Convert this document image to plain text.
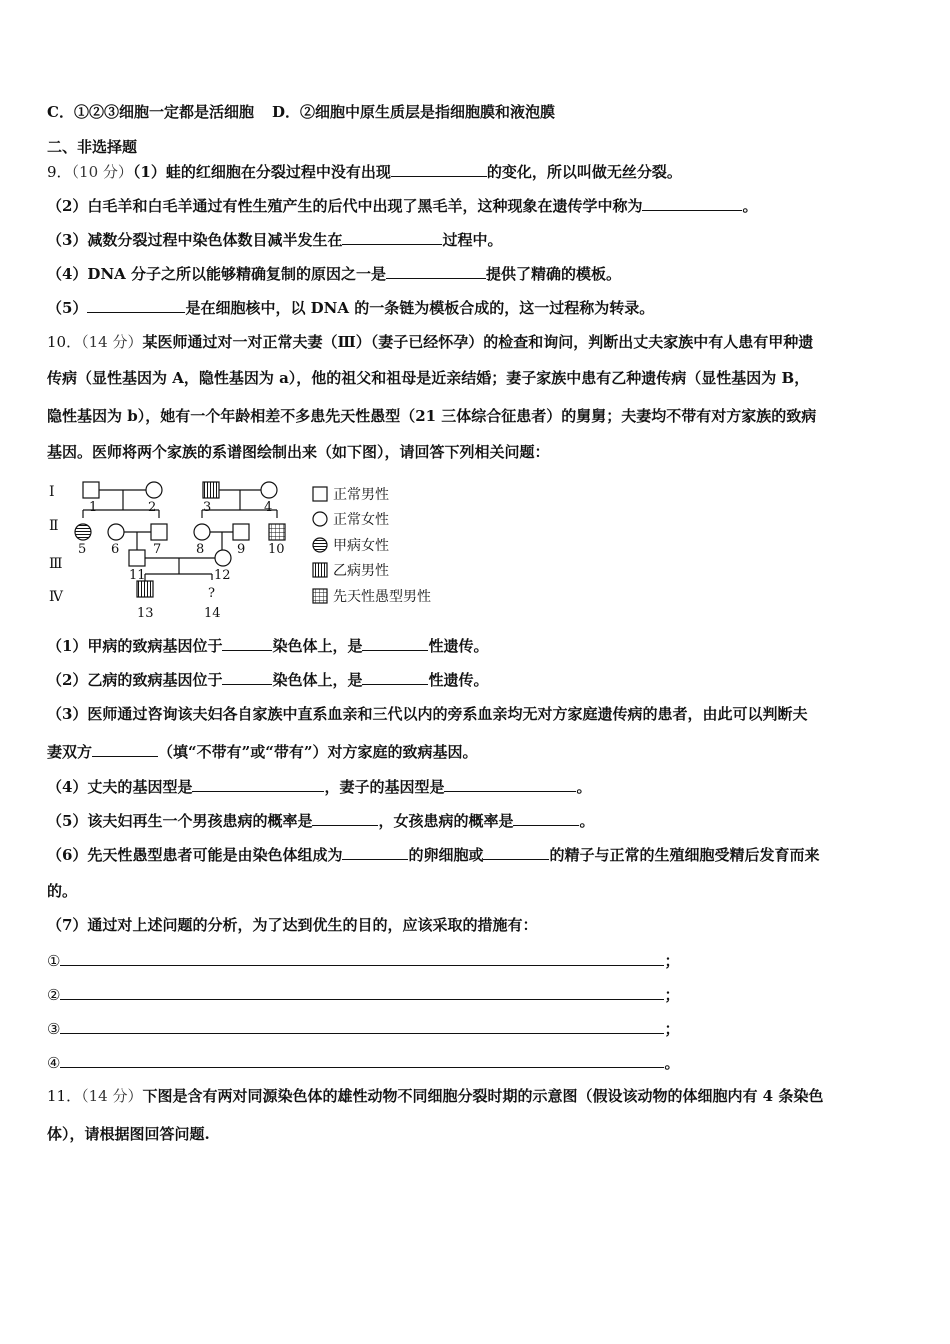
C．①②③细胞一定都是活细胞 D．②细胞中原生质层是指细胞膜和液泡膜
二、非选择题
9．（10 分）（1）蛙的红细胞在分裂过程中没有出现	的变化，所以叫做无丝分裂。
（2）白毛羊和白毛羊通过有性生殖产生的后代中出现了黑毛羊，这种现象在遗传学中称为	。
（3）减数分裂过程中染色体数目减半发生在	过程中。
（4）DNA 分子之所以能够精确复制的原因之一是	提供了精确的模板。
（5）	是在细胞核中，以 DNA 的一条链为模板合成的，这一过程称为转录。
10．（14 分）某医师通过对一对正常夫妻（Ⅲ）（妻子已经怀孕）的检查和询问，判断出丈夫家族中有人患有甲种遗
传病（显性基因为 A，隐性基因为 a），他的祖父和祖母是近亲结婚；妻子家族中患有乙种遗传病（显性基因为 B，
隐性基因为 b），她有一个年龄相差不多患先天性愚型（21 三体综合征患者）的舅舅；夫妻均不带有对方家族的致病
基因。医师将两个家族的系谱图绘制出来（如下图），请回答下列相关问题：
Ⅰ
Ⅱ
Ⅲ
Ⅳ
1	2	3	4
5 6	7	8	9 10
11	12
13	14
?
正常男性
正常女性
甲病女性
乙病男性
先天性愚型男性
（1）甲病的致病基因位于	染色体上，是	性遗传。
（2）乙病的致病基因位于	染色体上，是	性遗传。
（3）医师通过咨询该夫妇各自家族中直系血亲和三代以内的旁系血亲均无对方家庭遗传病的患者，由此可以判断夫
妻双方	（填“不带有”或“带有”）对方家庭的致病基因。
（4）丈夫的基因型是	，妻子的基因型是	。
（5）该夫妇再生一个男孩患病的概率是	，女孩患病的概率是	。
（6）先天性愚型患者可能是由染色体组成为	的卵细胞或	的精子与正常的生殖细胞受精后发育而来
的。
（7）通过对上述问题的分析，为了达到优生的目的，应该采取的措施有：
①	；
②	；
③	；
④	。
11．（14 分）下图是含有两对同源染色体的雄性动物不同细胞分裂时期的示意图（假设该动物的体细胞内有 4 条染色
体），请根据图回答问题.
